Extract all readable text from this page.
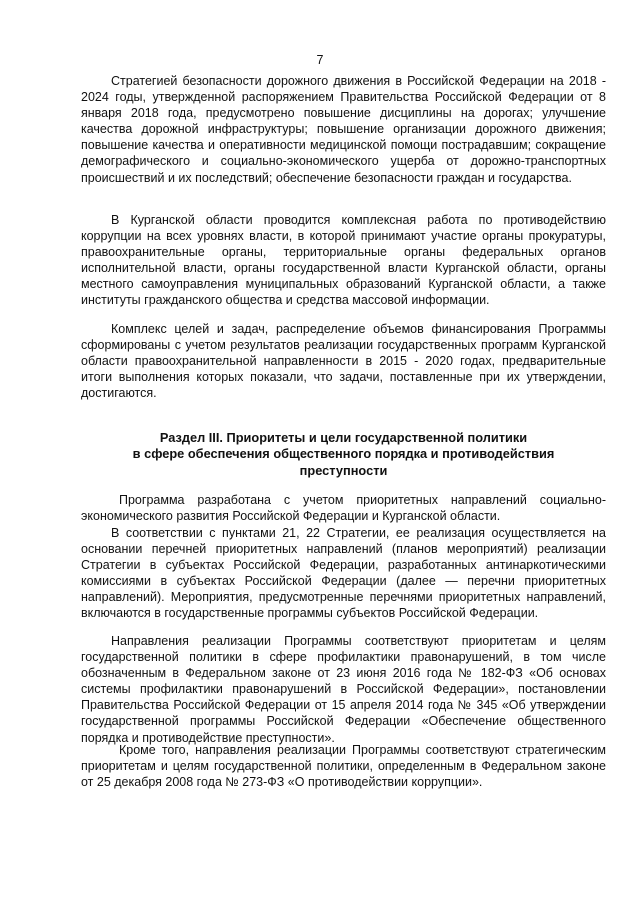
7

Стратегией безопасности дорожного движения в Российской Федерации на 2018 - 2024 годы, утвержденной распоряжением Правительства Российской Федерации от 8 января 2018 года, предусмотрено повышение дисциплины на дорогах; улучшение качества дорожной инфраструктуры; повышение организации дорожного движения; повышение качества и оперативности медицинской помощи пострадавшим; сокращение демографического и социально-экономического ущерба от дорожно-транспортных происшествий и их последствий; обеспечение безопасности граждан и государства.

В Курганской области проводится комплексная работа по противодействию коррупции на всех уровнях власти, в которой принимают участие органы прокуратуры, правоохранительные органы, территориальные органы федеральных органов исполнительной власти, органы государственной власти Курганской области, органы местного самоуправления муниципальных образований Курганской области, а также институты гражданского общества и средства массовой информации.

Комплекс целей и задач, распределение объемов финансирования Программы сформированы с учетом результатов реализации государственных программ Курганской области правоохранительной направленности в 2015 - 2020 годах, предварительные итоги выполнения которых показали, что задачи, поставленные при их утверждении, достигаются.

Раздел III. Приоритеты и цели государственной политики
в сфере обеспечения общественного порядка и противодействия
преступности

Программа разработана с учетом приоритетных направлений социально-экономического развития Российской Федерации и Курганской области.

В соответствии с пунктами 21, 22 Стратегии, ее реализация осуществляется на основании перечней приоритетных направлений (планов мероприятий) реализации Стратегии в субъектах Российской Федерации, разработанных антинаркотическими комиссиями в субъектах Российской Федерации (далее — перечни приоритетных направлений). Мероприятия, предусмотренные перечнями приоритетных направлений, включаются в государственные программы субъектов Российской Федерации.

Направления реализации Программы соответствуют приоритетам и целям государственной политики в сфере профилактики правонарушений, в том числе обозначенным в Федеральном законе от 23 июня 2016 года № 182-ФЗ «Об основах системы профилактики правонарушений в Российской Федерации», постановлении Правительства Российской Федерации от 15 апреля 2014 года № 345 «Об утверждении государственной программы Российской Федерации «Обеспечение общественного порядка и противодействие преступности».

Кроме того, направления реализации Программы соответствуют стратегическим приоритетам и целям государственной политики, определенным в Федеральном законе от 25 декабря 2008 года № 273-ФЗ «О противодействии коррупции».
